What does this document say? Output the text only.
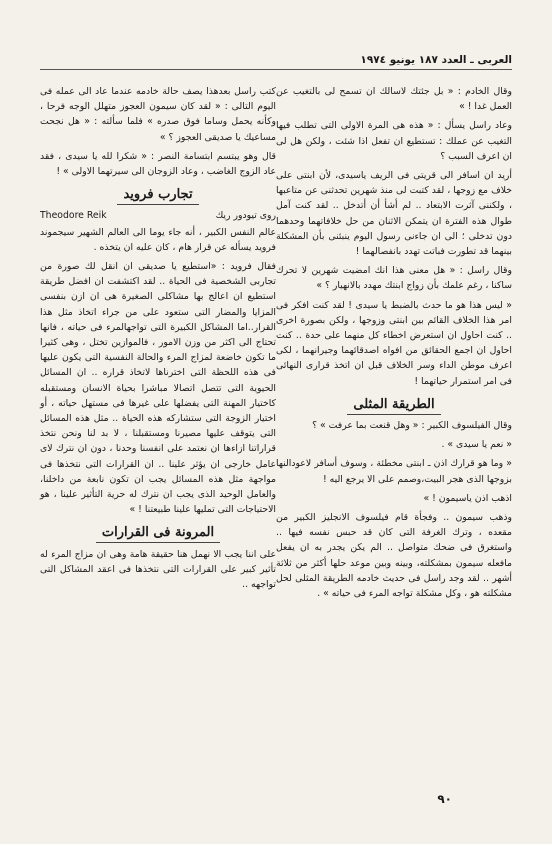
العربى ـ العدد ١٨٧ يونيو ١٩٧٤

وقال الخادم : « بل جئتك لاسالك ان تسمح لى بالتغيب عن العمل غدا ! »

وعاد راسل يسأل : « هذه هى المرة الاولى التى تطلب فيها التغيب عن عملك : تستطيع ان تفعل اذا شئت ، ولكن هل لى ان اعرف السبب ؟

أريد ان اسافر الى قريتى فى الريف ياسيدى، لأن ابنتى على خلاف مع زوجها ، لقد كتبت لى منذ شهرين تحدثنى عن متاعبها ، ولكننى آثرت الابتعاد .. لم أشأ أن أتدخل .. لقد كنت آمل طوال هذه الفترة ان يتمكن الاثنان من حل خلافاتهما وحدهما دون تدخلى ؛ الى ان جاءنى رسول اليوم ينبئنى بأن المشكلة بينهما قد تطورت فباتت تهدد بانفصالهما !

وقال راسل : « هل معنى هذا انك امضيت شهرين لا تحرك ساكنا ، رغم علمك بأن زواج ابنتك مهدد بالانهيار ؟ »

« ليس هذا هو ما حدث بالضبط يا سيدى ! لقد كنت افكر فى امر هذا الخلاف القائم بين ابنتى وزوجها ، ولكن بصورة اخرى .. كنت احاول ان استعرض اخطاء كل منهما على حدة .. كنت احاول ان اجمع الحقائق من افواه اصدقائهما وجيرانهما ، لكى اعرف موطن الداء وسر الخلاف قبل ان اتخذ قرارى النهائى فى امر استمرار حياتهما !

الطريقة المثلى

وقال الفيلسوف الكبير : « وهل قنعت بما عرفت » ؟

« نعم يا سيدى » .

« وما هو قرارك اذن ـ ابنتى مخطئة ، وسوف أسافر لاعودالنها بزوجها الذى هجر البيت،وصمم على الا يرجع اليه !

اذهب اذن ياسيمون ! »

وذهب سيمون .. وفجأة قام فيلسوف الانجليز الكبير من مقعده ، وترك الغرفة التى كان قد حبس نفسه فيها .. واستغرق فى ضحك متواصل .. الم يكن يجدر به ان يفعل مافعله سيمون بمشكلته، وبينه وبين موعد حلها أكثر من ثلاثة أشهر .. لقد وجد راسل فى حديث خادمه الطريقة المثلى لحل مشكلته هو ، وكل مشكلة تواجه المرء فى حياته » .

كتب راسل بعدهذا يصف حالة خادمه عندما عاد الى عمله فى اليوم التالى : « لقد كان سيمون العجوز متهلل الوجه فرحا ، وكأنه يحمل وساما فوق صدره » فلما سألته : « هل نجحت مساعيك يا صديقى العجوز ؟ »

قال وهو يبتسم ابتسامة النصر : « شكرا لله يا سيدى ، فقد عاد الزوج الغاضب ، وعاد الزوجان الى سيرتهما الاولى » !

تجارب فرويد
Theodore Reik	روى تيودور ريك

عالم النفس الكبير ، أنه جاء يوما الى العالم الشهير سيجموند فرويد يسأله عن قرار هام ، كان عليه ان يتخذه .

فقال فرويد : «استطيع يا صديقى ان انقل لك صورة من تجاربى الشخصية فى الحياة .. لقد اكتشفت ان افضل طريقة استطيع ان اعالج بها مشاكلى الصغيرة هى ان ازن بنفسى المزايا والمضار التى ستعود على من جراء اتخاذ مثل هذا القرار..اما المشاكل الكبيرة التى تواجهالمرء فى حياته ، فانها تحتاج الى اكثر من وزن الامور ، فالموازين تختل ، وهى كثيرا ما تكون خاضعة لمزاج المرء والحالة النفسية التى يكون عليها فى هذه اللحظة التى اخترناها لاتخاذ قراره .. ان المسائل الحيوية التى تتصل اتصالا مباشرا بحياة الانسان ومستقبله كاختيار المهنة التى يفضلها على غيرها فى مستهل حياته ، أو اختيار الزوجة التى ستشاركه هذه الحياة .. مثل هذه المسائل التى يتوقف عليها مصيرنا ومستقبلنا ، لا بد لنا ونحن نتخذ قراراتنا ازاءها ان نعتمد على انفسنا وحدنا ، دون ان نترك لاى عامل خارجى ان يؤثر علينا .. ان القرارات التى نتخذها فى مواجهة مثل هذه المسائل يجب ان تكون نابعة من داخلنا، والعامل الوحيد الذى يجب ان نترك له حرية التأثير علينا ، هو الاحتياجات التى تمليها علينا طبيعتنا ! »

المرونة فى القرارات

على اننا يجب الا نهمل هنا حقيقة هامة وهى ان مزاج المرء له تأثير كبير على القرارات التى نتخذها فى اعقد المشاكل التى تواجهه ..

٩٠
